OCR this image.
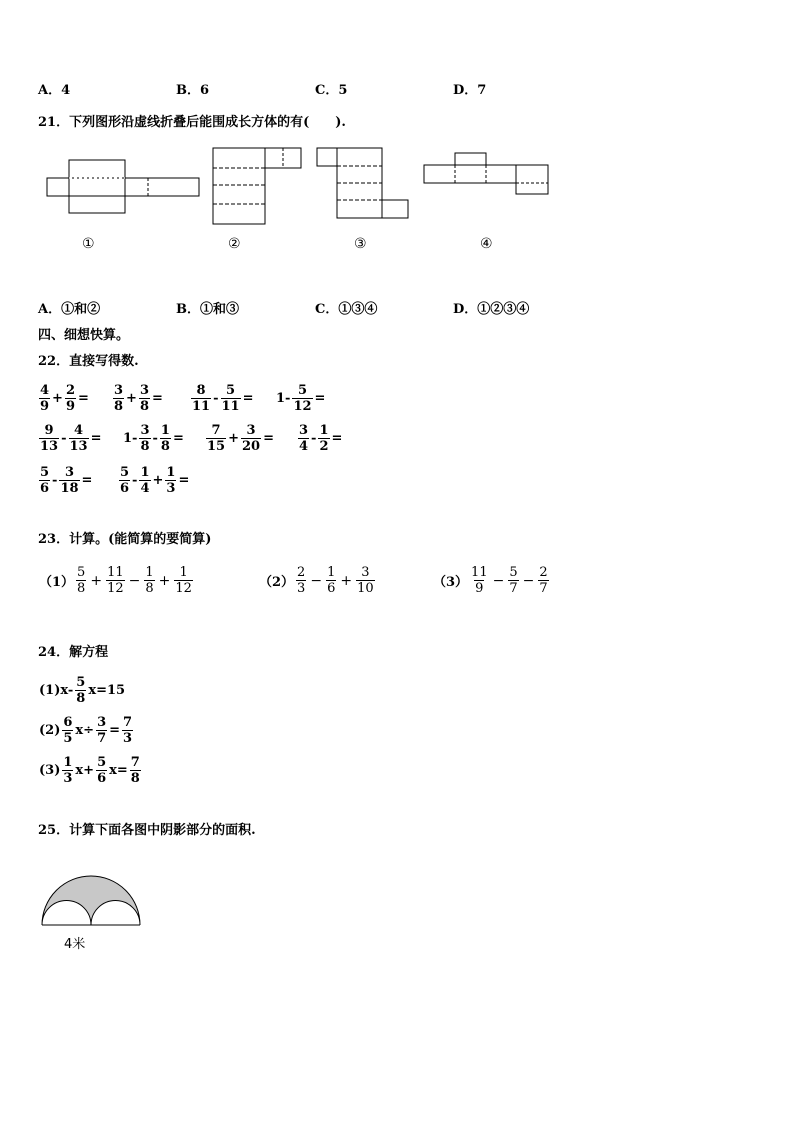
A．4	B．6	C．5	D．7
21．下列图形沿虚线折叠后能围成长方体的有(　　).
①	②	③	④
A．①和②	B．①和③	C．①③④	D．①②③④
四、细想快算。
22．直接写得数.
$\frac{4}{9} + \frac{2}{9} = \frac{3}{8} + \frac{3}{8} = \frac{8}{11} - \frac{5}{11} = 1- \frac{5}{12}$ =
$\frac{9}{13} - \frac{4}{13} = 1- \frac{3}{8} - \frac{1}{8} = \frac{7}{15} + \frac{3}{20} = \frac{3}{4} - \frac{1}{2}$ =
$\frac{5}{6} - \frac{3}{18} = \frac{5}{6} - \frac{1}{4} + \frac{1}{3}$ =
23．计算。(能简算的要简算)
$(1) \frac{5}{8} + \frac{11}{12} - \frac{1}{8} + \frac{1}{12}$	$(2) \frac{2}{3} - \frac{1}{6} + \frac{3}{10}$	$(3) \frac{11}{9} - \frac{5}{7} - \frac{2}{7}$
24．解方程
$(1)x- \frac{5}{8} x=15$
$(2) \frac{6}{5} x\div \frac{3}{7} = \frac{7}{3}$
$(3) \frac{1}{3} x+ \frac{5}{6} x= \frac{7}{8}$
25．计算下面各图中阴影部分的面积.
4米
